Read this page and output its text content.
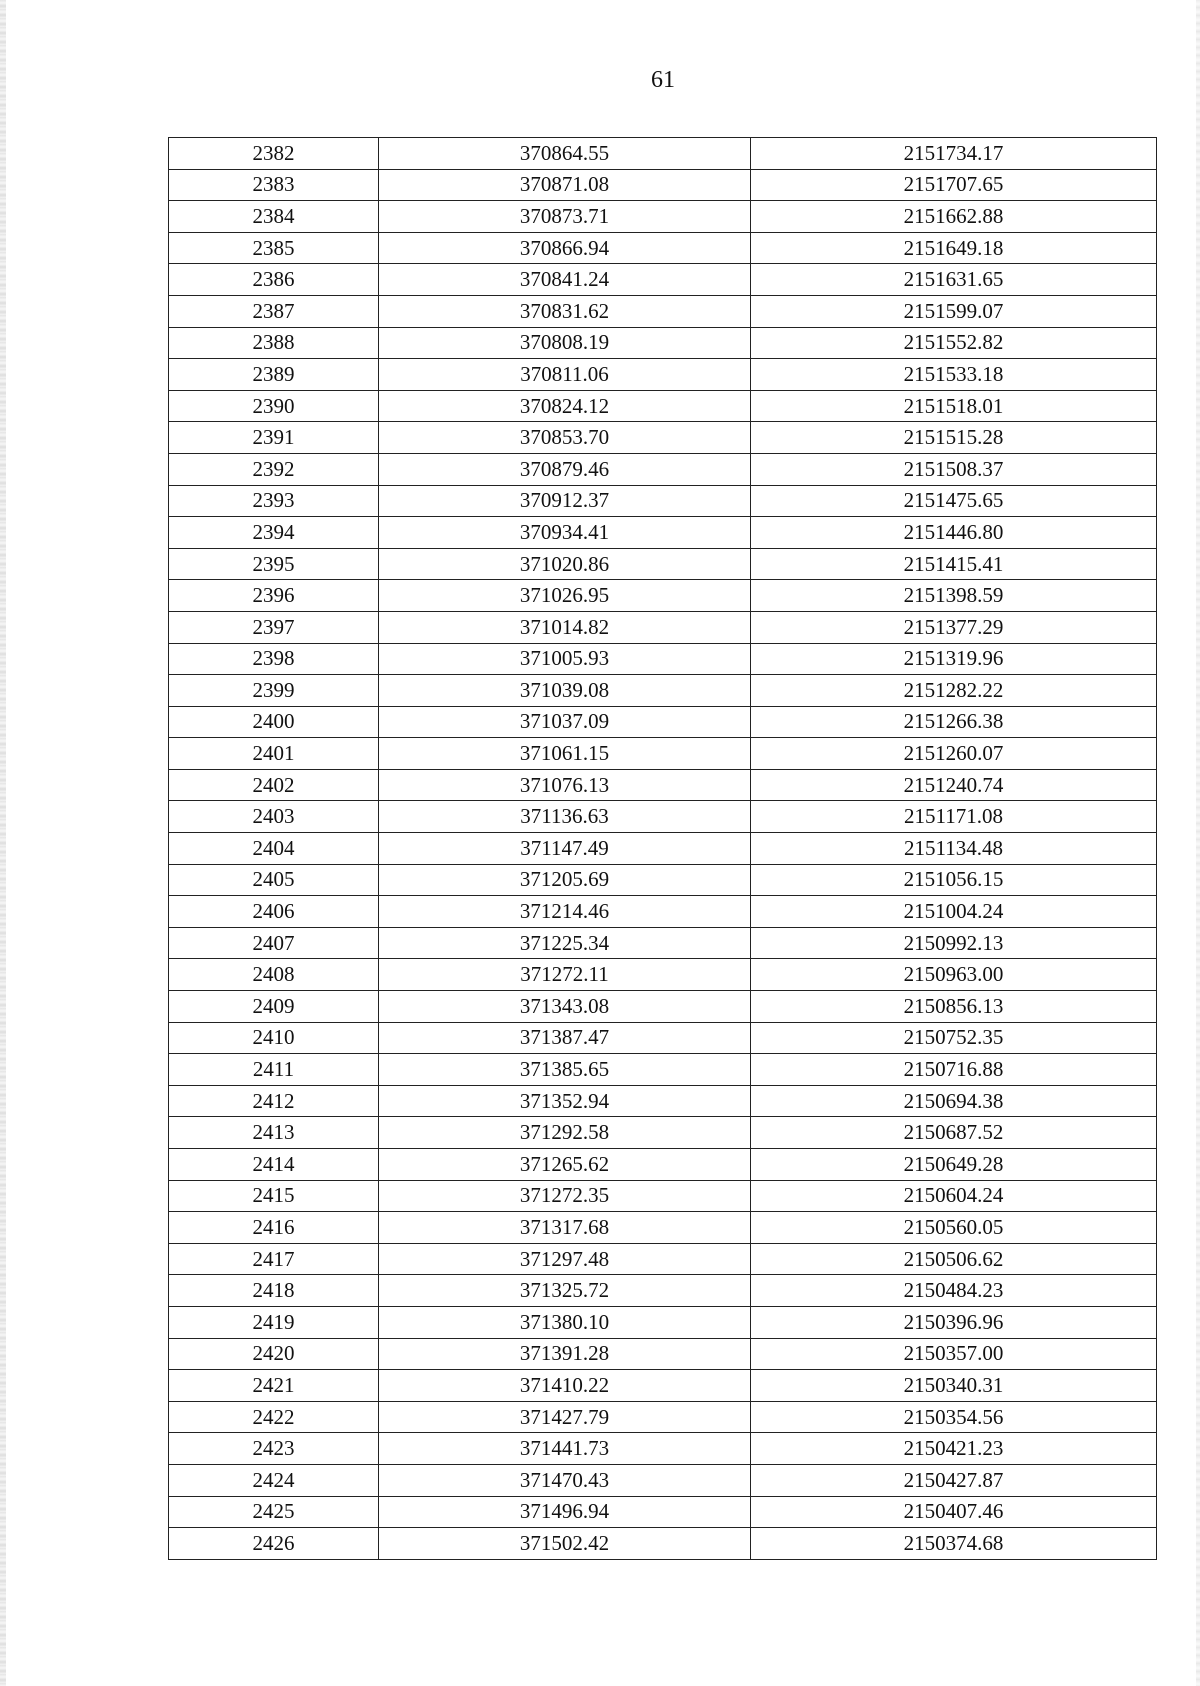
61
2382	370864.55	2151734.17
2383	370871.08	2151707.65
2384	370873.71	2151662.88
2385	370866.94	2151649.18
2386	370841.24	2151631.65
2387	370831.62	2151599.07
2388	370808.19	2151552.82
2389	370811.06	2151533.18
2390	370824.12	2151518.01
2391	370853.70	2151515.28
2392	370879.46	2151508.37
2393	370912.37	2151475.65
2394	370934.41	2151446.80
2395	371020.86	2151415.41
2396	371026.95	2151398.59
2397	371014.82	2151377.29
2398	371005.93	2151319.96
2399	371039.08	2151282.22
2400	371037.09	2151266.38
2401	371061.15	2151260.07
2402	371076.13	2151240.74
2403	371136.63	2151171.08
2404	371147.49	2151134.48
2405	371205.69	2151056.15
2406	371214.46	2151004.24
2407	371225.34	2150992.13
2408	371272.11	2150963.00
2409	371343.08	2150856.13
2410	371387.47	2150752.35
2411	371385.65	2150716.88
2412	371352.94	2150694.38
2413	371292.58	2150687.52
2414	371265.62	2150649.28
2415	371272.35	2150604.24
2416	371317.68	2150560.05
2417	371297.48	2150506.62
2418	371325.72	2150484.23
2419	371380.10	2150396.96
2420	371391.28	2150357.00
2421	371410.22	2150340.31
2422	371427.79	2150354.56
2423	371441.73	2150421.23
2424	371470.43	2150427.87
2425	371496.94	2150407.46
2426	371502.42	2150374.68
